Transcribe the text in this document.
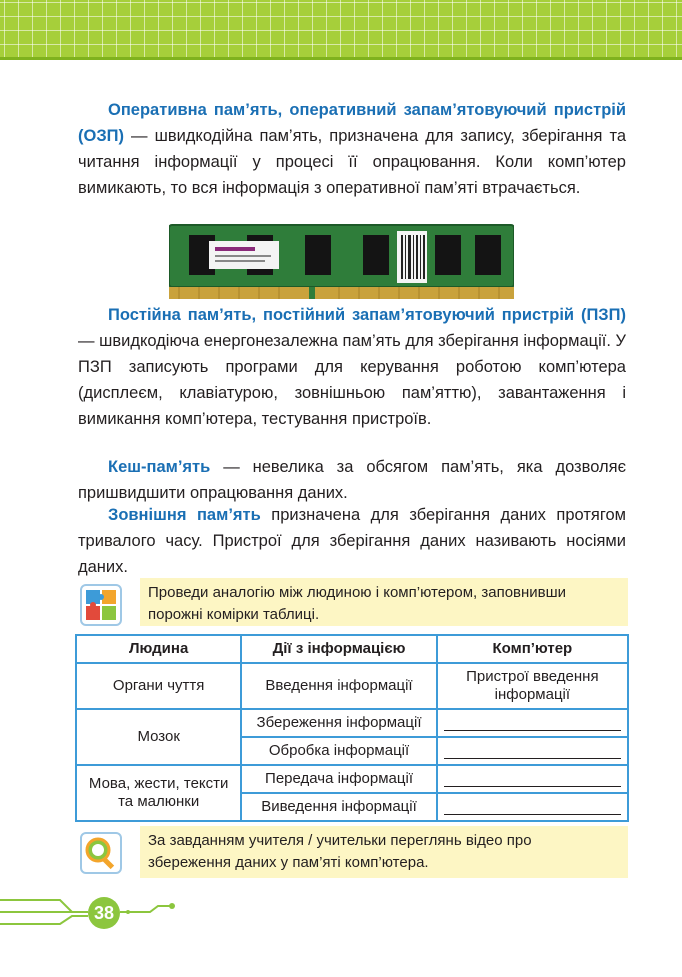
Оперативна пам’ять, оперативний запам’ятовуючий пристрій (ОЗП) — швидкодійна пам’ять, призначена для запису, зберігання та читання інформації у процесі її опрацювання. Коли комп’ютер вимикають, то вся інформація з оперативної пам’яті втрачається.

Постійна пам’ять, постійний запам’ятовуючий пристрій (ПЗП) — швидкодіюча енергонезалежна пам’ять для зберігання інформації. У ПЗП записують програми для керування роботою комп’ютера (дисплеєм, клавіатурою, зовнішньою пам’яттю), завантаження і вимикання комп’ютера, тестування пристроїв.

Кеш-пам’ять — невелика за обсягом пам’ять, яка дозволяє пришвидшити опрацювання даних.

Зовнішня пам’ять призначена для зберігання даних протягом тривалого часу. Пристрої для зберігання даних називають носіями даних.

Проведи аналогію між людиною і комп’ютером, заповнивши порожні комірки таблиці.
Людина	Дії з інформацією	Комп’ютер
Органи чуття	Введення інформації	Пристрої введення інформації
Мозок	Збереження інформації	

	Обробка інформації	

Мова, жести, тексти та малюнки	Передача інформації	

	Виведення інформації	
За завданням учителя / учительки переглянь відео про збереження даних у пам’яті комп’ютера.
38
